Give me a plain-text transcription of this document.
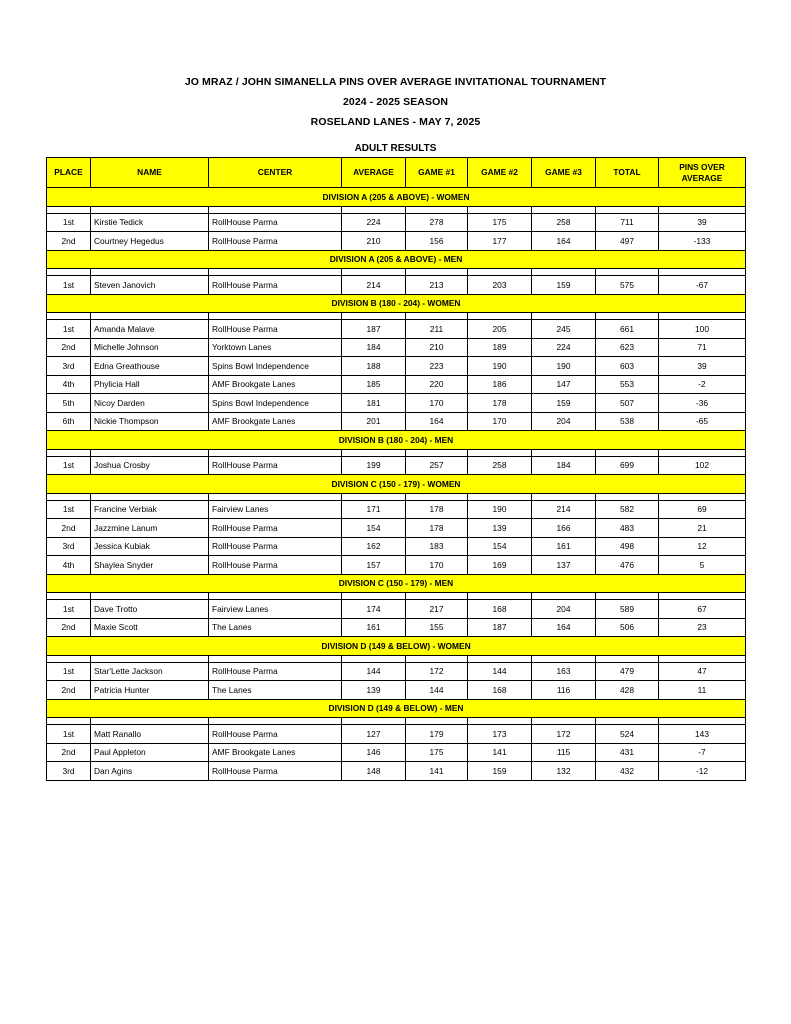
JO MRAZ / JOHN SIMANELLA PINS OVER AVERAGE INVITATIONAL TOURNAMENT
2024 - 2025 SEASON
ROSELAND LANES - MAY 7, 2025
ADULT RESULTS
PLACE	NAME	CENTER	AVERAGE	GAME #1	GAME #2	GAME #3	TOTAL	PINS OVER AVERAGE
DIVISION A (205 & ABOVE) - WOMEN								

1st	Kirstie Tedick	RollHouse Parma	224	278	175	258	711	39
2nd	Courtney Hegedus	RollHouse Parma	210	156	177	164	497	-133
DIVISION A (205 & ABOVE) - MEN								

1st	Steven Janovich	RollHouse Parma	214	213	203	159	575	-67
DIVISION B (180 - 204) - WOMEN								

1st	Amanda Malave	RollHouse Parma	187	211	205	245	661	100
2nd	Michelle Johnson	Yorktown Lanes	184	210	189	224	623	71
3rd	Edna Greathouse	Spins Bowl Independence	188	223	190	190	603	39
4th	Phylicia Hall	AMF Brookgate Lanes	185	220	186	147	553	-2
5th	Nicoy Darden	Spins Bowl Independence	181	170	178	159	507	-36
6th	Nickie Thompson	AMF Brookgate Lanes	201	164	170	204	538	-65
DIVISION B (180 - 204) - MEN								

1st	Joshua Crosby	RollHouse Parma	199	257	258	184	699	102
DIVISION C (150 - 179) - WOMEN								

1st	Francine Verbiak	Fairview Lanes	171	178	190	214	582	69
2nd	Jazzmine Lanum	RollHouse Parma	154	178	139	166	483	21
3rd	Jessica Kubiak	RollHouse Parma	162	183	154	161	498	12
4th	Shaylea Snyder	RollHouse Parma	157	170	169	137	476	5
DIVISION C (150 - 179) - MEN								

1st	Dave Trotto	Fairview Lanes	174	217	168	204	589	67
2nd	Maxie Scott	The Lanes	161	155	187	164	506	23
DIVISION D (149 & BELOW) - WOMEN								

1st	Star'Lette Jackson	RollHouse Parma	144	172	144	163	479	47
2nd	Patricia Hunter	The Lanes	139	144	168	116	428	11
DIVISION D (149 & BELOW) - MEN								

1st	Matt Ranallo	RollHouse Parma	127	179	173	172	524	143
2nd	Paul Appleton	AMF Brookgate Lanes	146	175	141	115	431	-7
3rd	Dan Agins	RollHouse Parma	148	141	159	132	432	-12
